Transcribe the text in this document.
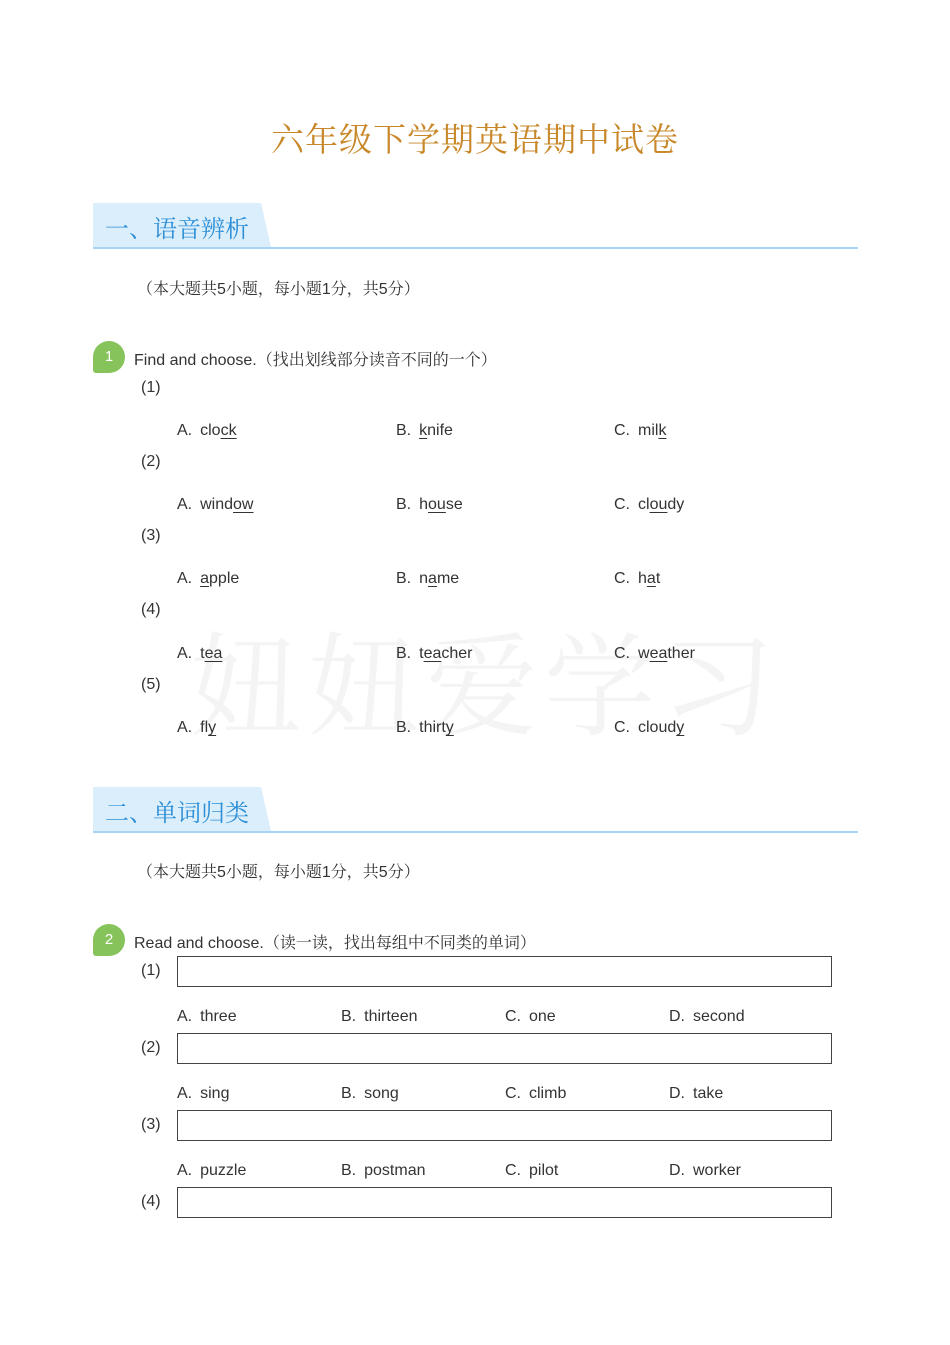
六年级下学期英语期中试卷
一、语音辨析
（本大题共5小题，每小题1分，共5分）
1	Find and choose.（找出划线部分读音不同的一个）
(1)
A. clock	B. knife	C. milk
(2)
A. window	B. house	C. cloudy
(3)
A. apple	B. name	C. hat
(4)
A. tea	B. teacher	C. weather
(5)
A. fly	B. thirty	C. cloudy
二、单词归类
（本大题共5小题，每小题1分，共5分）
2	Read and choose.（读一读，找出每组中不同类的单词）
(1)
A. three	B. thirteen	C. one	D. second
(2)
A. sing	B. song	C. climb	D. take
(3)
A. puzzle	B. postman	C. pilot	D. worker
(4)
